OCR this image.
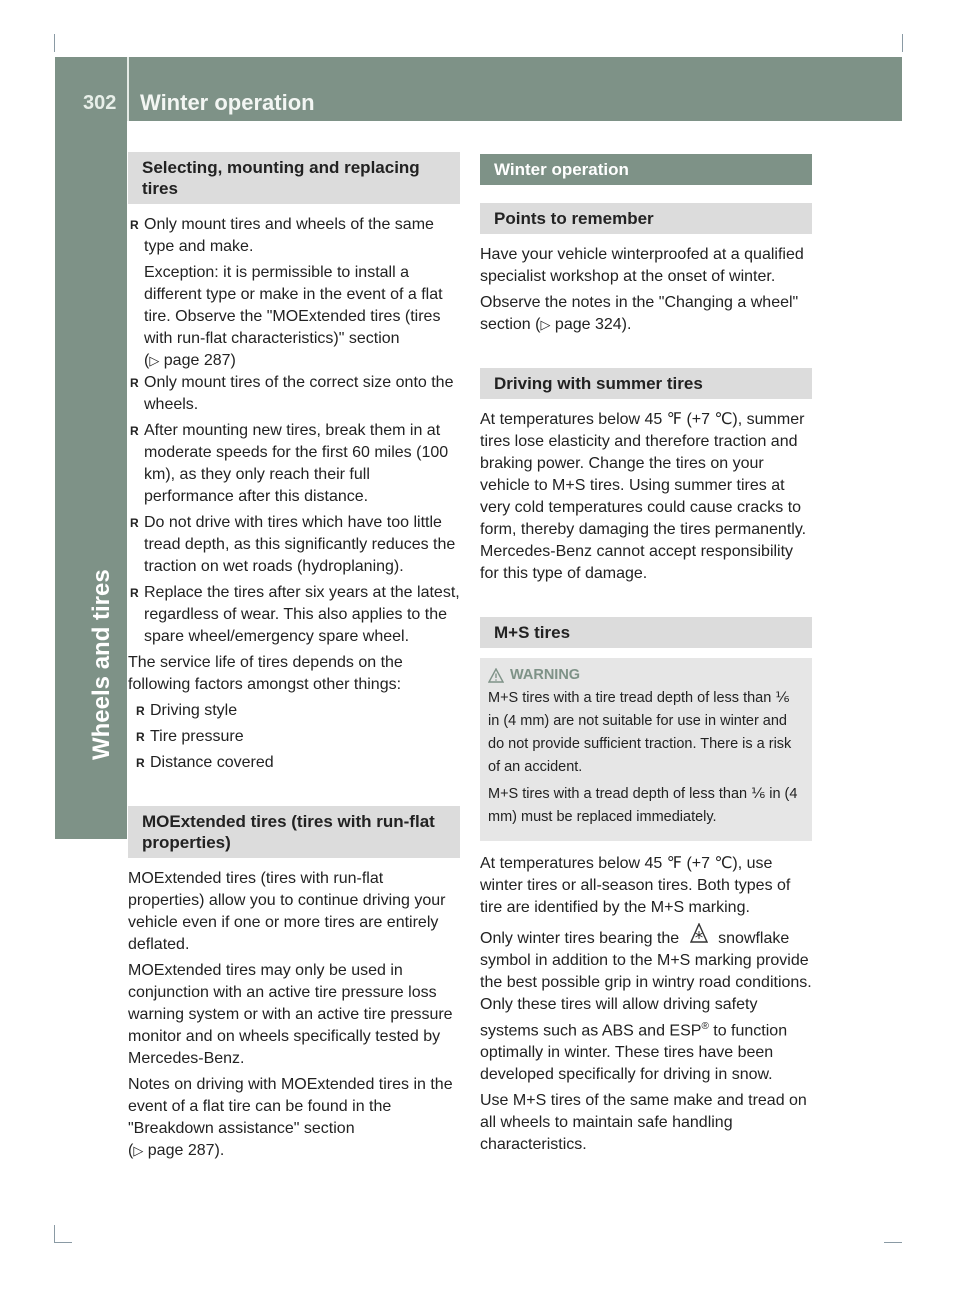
302 Winter operation
Wheels and tires
Selecting, mounting and replacing tires
R Only mount tires and wheels of the same type and make.
Exception: it is permissible to install a different type or make in the event of a flat tire. Observe the "MOExtended tires (tires with run-flat characteristics)" section
(▷ page 287)
R Only mount tires of the correct size onto the wheels.
R After mounting new tires, break them in at moderate speeds for the first 60 miles (100 km), as they only reach their full performance after this distance.
R Do not drive with tires which have too little tread depth, as this significantly reduces the traction on wet roads (hydroplaning).
R Replace the tires after six years at the latest, regardless of wear. This also applies to the spare wheel/emergency spare wheel.

The service life of tires depends on the following factors amongst other things:

R Driving style
R Tire pressure
R Distance covered
MOExtended tires (tires with run-flat properties)

MOExtended tires (tires with run-flat properties) allow you to continue driving your vehicle even if one or more tires are entirely deflated.

MOExtended tires may only be used in conjunction with an active tire pressure loss warning system or with an active tire pressure monitor and on wheels specifically tested by Mercedes-Benz.

Notes on driving with MOExtended tires in the event of a flat tire can be found in the "Breakdown assistance" section
(▷ page 287).

Winter operation
Points to remember

Have your vehicle winterproofed at a qualified specialist workshop at the onset of winter.

Observe the notes in the "Changing a wheel" section (▷ page 324).

Driving with summer tires

At temperatures below 45 ℉ (+7 ℃), summer tires lose elasticity and therefore traction and braking power. Change the tires on your vehicle to M+S tires. Using summer tires at very cold temperatures could cause cracks to form, thereby damaging the tires permanently. Mercedes-Benz cannot accept responsibility for this type of damage.

M+S tires
WARNING

M+S tires with a tire tread depth of less than ⅙ in (4 mm) are not suitable for use in winter and do not provide sufficient traction. There is a risk of an accident.

M+S tires with a tread depth of less than ⅙ in (4 mm) must be replaced immediately.

At temperatures below 45 ℉ (+7 ℃), use winter tires or all-season tires. Both types of tire are identified by the M+S marking.

Only winter tires bearing the snowflake symbol in addition to the M+S marking provide the best possible grip in wintry road conditions. Only these tires will allow driving safety systems such as ABS and ESP® to function optimally in winter. These tires have been developed specifically for driving in snow.

Use M+S tires of the same make and tread on all wheels to maintain safe handling characteristics.
